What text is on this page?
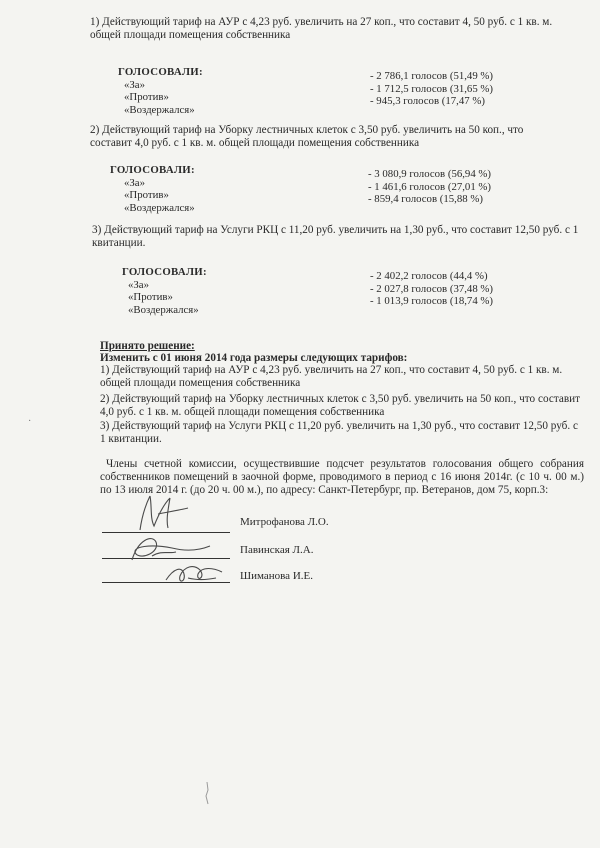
1) Действующий тариф на АУР с 4,23 руб. увеличить на 27 коп., что составит 4, 50 руб. с 1 кв. м. общей площади помещения собственника
ГОЛОСОВАЛИ:
«За»
«Против»
«Воздержался»
- 2 786,1 голосов (51,49 %)
- 1 712,5 голосов (31,65 %)
- 945,3 голосов (17,47 %)
2) Действующий тариф на Уборку лестничных клеток с 3,50 руб. увеличить на 50 коп., что составит 4,0 руб. с 1 кв. м. общей площади помещения собственника
ГОЛОСОВАЛИ:
«За»
«Против»
«Воздержался»
- 3 080,9 голосов (56,94 %)
- 1 461,6 голосов (27,01 %)
- 859,4 голосов (15,88 %)
3) Действующий тариф на Услуги РКЦ с 11,20 руб. увеличить на 1,30 руб., что составит 12,50 руб. с 1 квитанции.
ГОЛОСОВАЛИ:
«За»
«Против»
«Воздержался»
- 2 402,2 голосов (44,4 %)
- 2 027,8 голосов (37,48 %)
- 1 013,9 голосов (18,74 %)
Принято решение:
Изменить с 01 июня 2014 года размеры следующих тарифов:
1) Действующий тариф на АУР с 4,23 руб. увеличить на 27 коп., что составит 4, 50 руб. с 1 кв. м. общей площади помещения собственника
2) Действующий тариф на Уборку лестничных клеток с 3,50 руб. увеличить на 50 коп., что составит 4,0 руб. с 1 кв. м. общей площади помещения собственника
3) Действующий тариф на Услуги РКЦ с 11,20 руб. увеличить на 1,30 руб., что составит 12,50 руб. с 1 квитанции.
Члены счетной комиссии, осуществившие подсчет результатов голосования общего собрания собственников помещений в заочной форме, проводимого в период с 16 июня 2014г. (с 10 ч. 00 м.) по 13 июля 2014 г. (до 20 ч. 00 м.), по адресу: Санкт-Петербург, пр. Ветеранов, дом 75, корп.3:
Митрофанова Л.О.
Павинская Л.А.
Шиманова И.Е.
·
